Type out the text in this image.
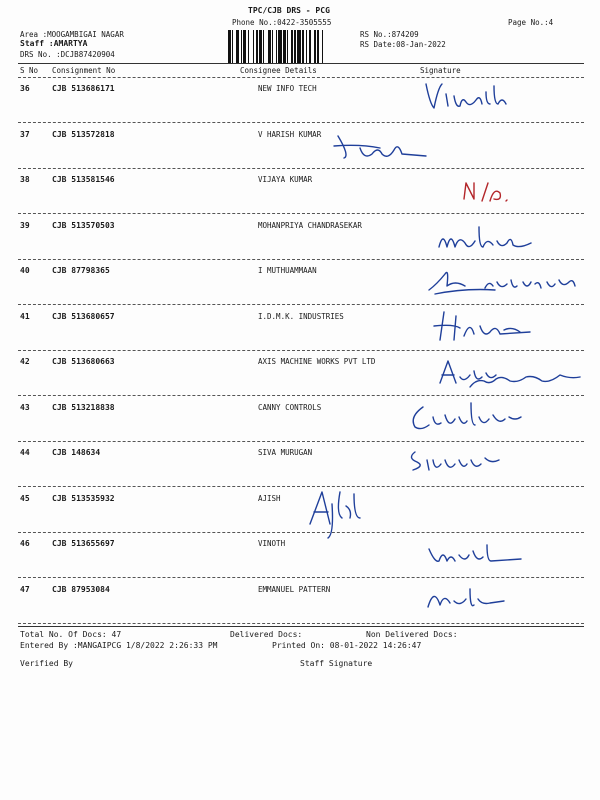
TPC/CJB DRS - PCG
Phone No.:0422-3505555	Page No.:4
Area :MOOGAMBIGAI NAGAR
Staff :AMARTYA
DRS No. :DCJB87420904
RS No.:874209
RS Date:08-Jan-2022
S No Consignment No	Consignee Details	Signature
36	CJB 513686171	NEW INFO TECH
37	CJB 513572818	V HARISH KUMAR
38	CJB 513581546	VIJAYA KUMAR
39	CJB 513570503	MOHANPRIYA CHANDRASEKAR
40	CJB 87798365	I MUTHUAMMAAN
41	CJB 513680657	I.D.M.K. INDUSTRIES
42	CJB 513680663	AXIS MACHINE WORKS PVT LTD
43	CJB 513218838	CANNY CONTROLS
44	CJB 148634	SIVA MURUGAN
45	CJB 513535932	AJISH
46	CJB 513655697	VINOTH
47	CJB 87953084	EMMANUEL PATTERN
Total No. Of Docs: 47	Delivered Docs:	Non Delivered Docs:
Entered By :MANGAIPCG 1/8/2022 2:26:33 PM	Printed On: 08-01-2022 14:26:47
Verified By	Staff Signature
